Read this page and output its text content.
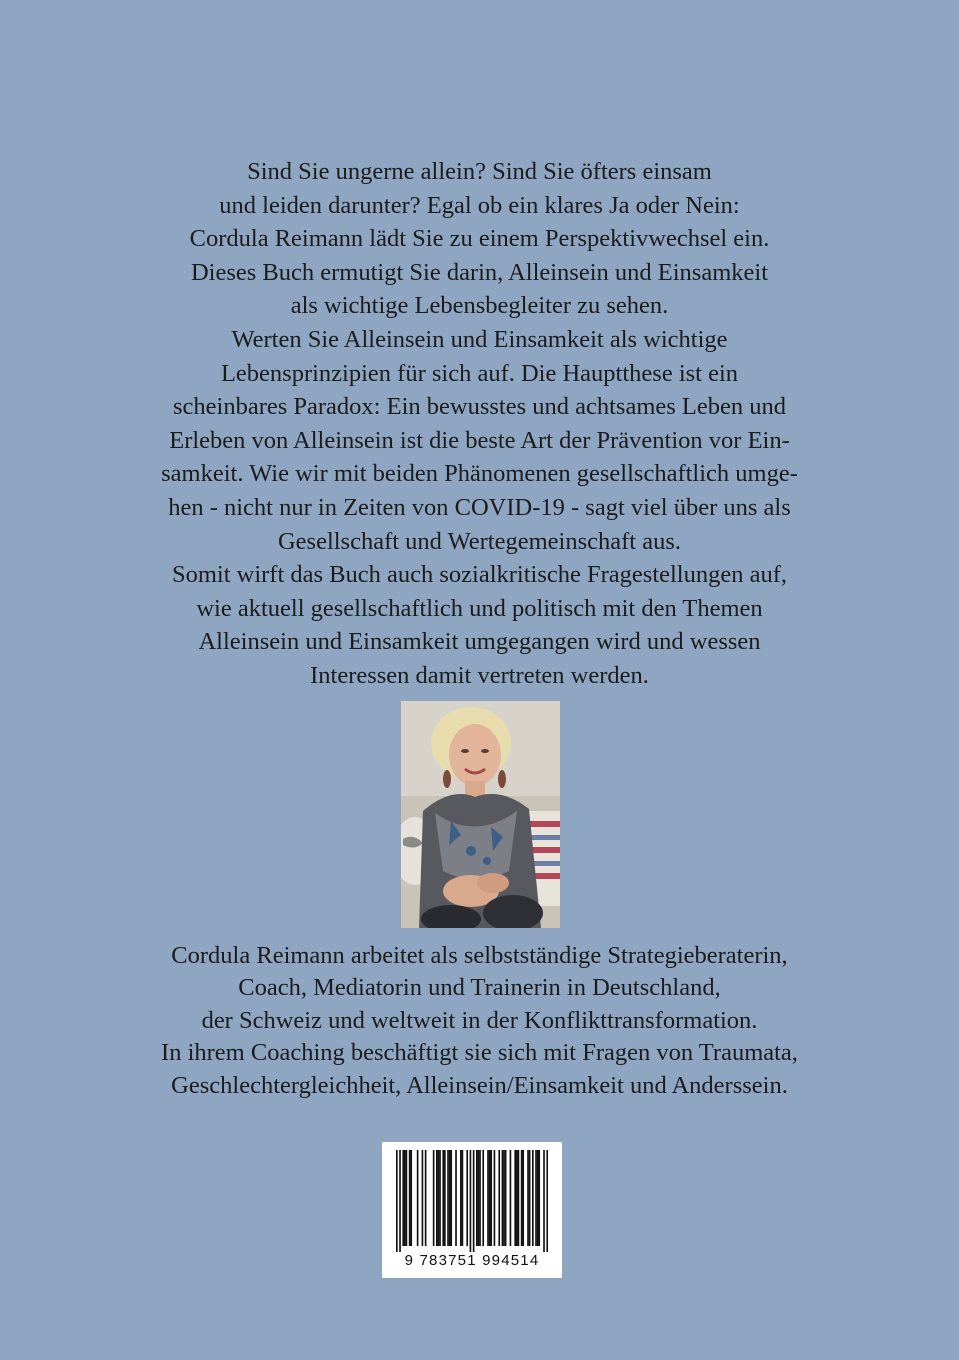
Sind Sie ungerne allein? Sind Sie öfters einsam
und leiden darunter? Egal ob ein klares Ja oder Nein:
Cordula Reimann lädt Sie zu einem Perspektivwechsel ein.
Dieses Buch ermutigt Sie darin, Alleinsein und Einsamkeit
als wichtige Lebensbegleiter zu sehen.
Werten Sie Alleinsein und Einsamkeit als wichtige
Lebensprinzipien für sich auf. Die Hauptthese ist ein
scheinbares Paradox: Ein bewusstes und achtsames Leben und
Erleben von Alleinsein ist die beste Art der Prävention vor Ein-
samkeit. Wie wir mit beiden Phänomenen gesellschaftlich umge-
hen - nicht nur in Zeiten von COVID-19 - sagt viel über uns als
Gesellschaft und Wertegemeinschaft aus.
Somit wirft das Buch auch sozialkritische Fragestellungen auf,
wie aktuell gesellschaftlich und politisch mit den Themen
Alleinsein und Einsamkeit umgegangen wird und wessen
Interessen damit vertreten werden.
Cordula Reimann arbeitet als selbstständige Strategieberaterin,
Coach, Mediatorin und Trainerin in Deutschland,
der Schweiz und weltweit in der Konflikttransformation.
In ihrem Coaching beschäftigt sie sich mit Fragen von Traumata,
Geschlechtergleichheit, Alleinsein/Einsamkeit und Anderssein.
9 783751 994514
